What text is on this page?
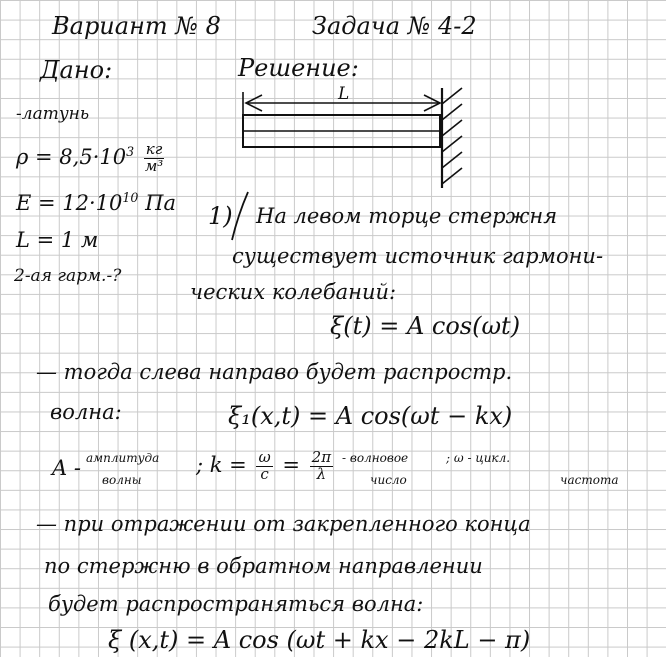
Вариант № 8	Задача № 4-2
Дано:
-латунь
$\rho = 8,5\cdot 10^3 \frac{кг}{\text{м³}}$
$E = 12\cdot 10^{10}$ Па
L = 1 м
2-ая гарм.-?
Решение:
L
1) На левом торце стержня
существует источник гармони-
ческих колебаний:
ξ(t) = A cos(ωt)
— тогда слева направо будет распростр.
волна:	ξ₁(x,t) = A cos(ωt − kx)
A - амплитуда
волны
; $k = \frac{\omega}{c} = \frac{2\pi}{\lambda}$ - волновое
число
; ω - цикл.
частота
— при отражении от закрепленного конца
по стержню в обратном направлении
будет распространяться волна:
ξ (x,t) = A cos (ωt + kx − 2kL − π)
